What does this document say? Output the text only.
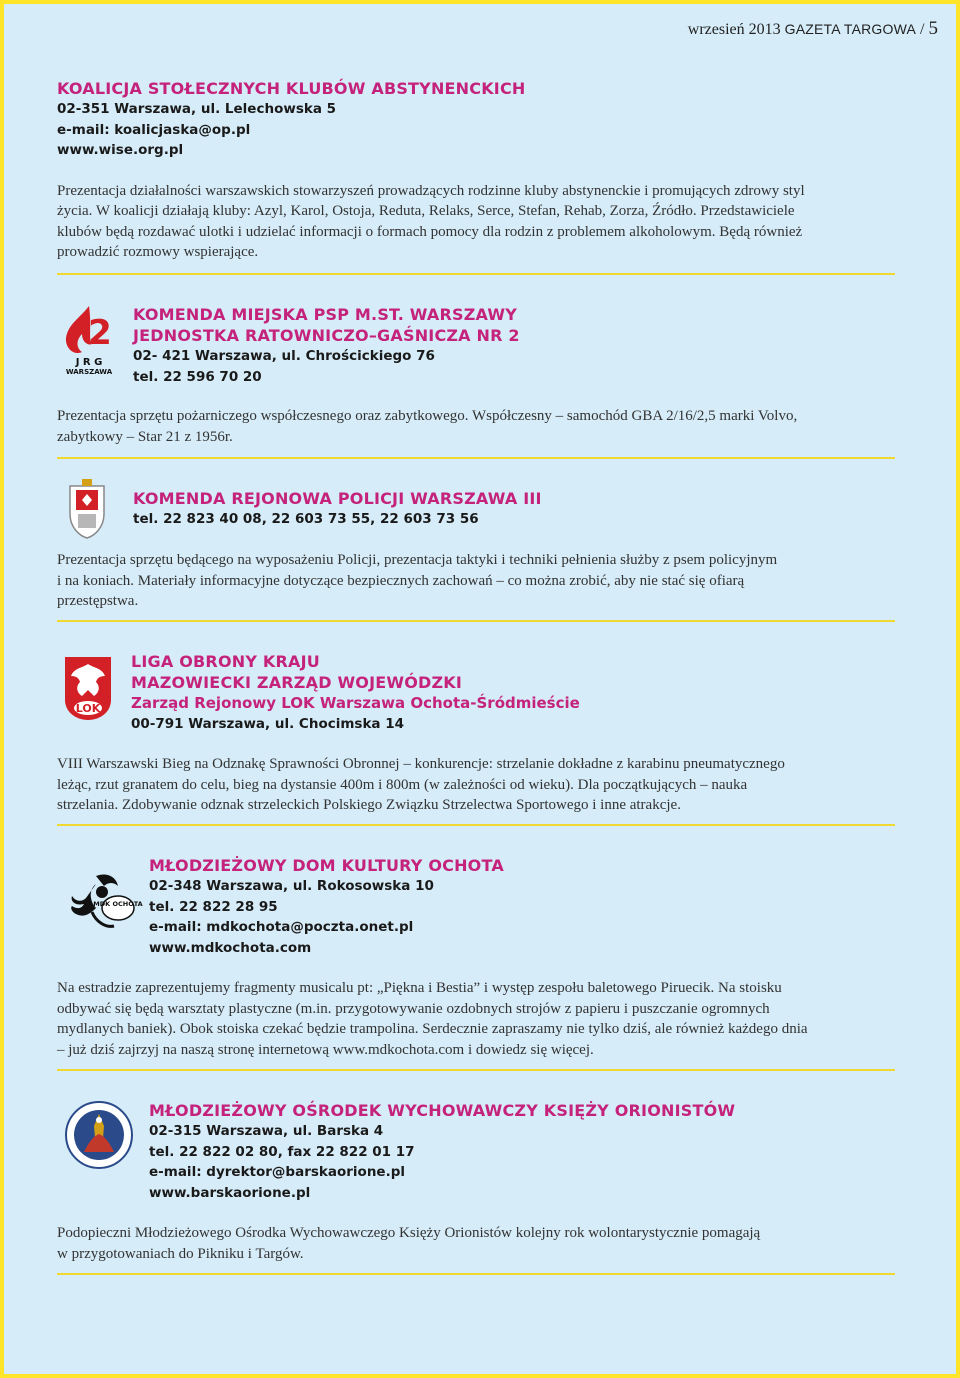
wrzesień 2013 GAZETA TARGOWA / 5

KOALICJA STOŁECZNYCH KLUBÓW ABSTYNENCKICH

02-351 Warszawa, ul. Lelechowska 5

e-mail: koalicjaska@op.pl

www.wise.org.pl

Prezentacja działalności warszawskich stowarzyszeń prowadzących rodzinne kluby abstynenckie i promujących zdrowy styl

życia. W koalicji działają kluby: Azyl, Karol, Ostoja, Reduta, Relaks, Serce, Stefan, Rehab, Zorza, Źródło. Przedstawiciele

klubów będą rozdawać ulotki i udzielać informacji o formach pomocy dla rodzin z problemem alkoholowym. Będą również

prowadzić rozmowy wspierające.

2
J R G
WARSZAWA

KOMENDA MIEJSKA PSP M.ST. WARSZAWY

JEDNOSTKA RATOWNICZO–GAŚNICZA NR 2

02- 421 Warszawa, ul. Chrościckiego 76

tel. 22 596 70 20

Prezentacja sprzętu pożarniczego współczesnego oraz zabytkowego. Współczesny – samochód GBA 2/16/2,5 marki Volvo,

zabytkowy – Star 21 z 1956r.

KOMENDA REJONOWA POLICJI WARSZAWA III

tel. 22 823 40 08, 22 603 73 55, 22 603 73 56

Prezentacja sprzętu będącego na wyposażeniu Policji, prezentacja taktyki i techniki pełnienia służby z psem policyjnym

i na koniach. Materiały informacyjne dotyczące bezpiecznych zachowań – co można zrobić, aby nie stać się ofiarą

przestępstwa.

LOK

LIGA OBRONY KRAJU

MAZOWIECKI ZARZĄD WOJEWÓDZKI

Zarząd Rejonowy LOK Warszawa Ochota-Śródmieście

00-791 Warszawa, ul. Chocimska 14

VIII Warszawski Bieg na Odznakę Sprawności Obronnej – konkurencje: strzelanie dokładne z karabinu pneumatycznego

leżąc, rzut granatem do celu, bieg na dystansie 400m i 800m (w zależności od wieku). Dla początkujących – nauka

strzelania. Zdobywanie odznak strzeleckich Polskiego Związku Strzelectwa Sportowego i inne atrakcje.

MDK OCHOTA

MŁODZIEŻOWY DOM KULTURY OCHOTA

02-348 Warszawa, ul. Rokosowska 10

tel. 22 822 28 95

e-mail: mdkochota@poczta.onet.pl

www.mdkochota.com

Na estradzie zaprezentujemy fragmenty musicalu pt: „Piękna i Bestia” i występ zespołu baletowego Piruecik. Na stoisku

odbywać się będą warsztaty plastyczne (m.in. przygotowywanie ozdobnych strojów z papieru i puszczanie ogromnych

mydlanych baniek). Obok stoiska czekać będzie trampolina. Serdecznie zapraszamy nie tylko dziś, ale również każdego dnia

– już dziś zajrzyj na naszą stronę internetową www.mdkochota.com i dowiedz się więcej.

MŁODZIEŻOWY OŚRODEK WYCHOWAWCZY KSIĘŻY ORIONISTÓW

02-315 Warszawa, ul. Barska 4

tel. 22 822 02 80, fax 22 822 01 17

e-mail: dyrektor@barskaorione.pl

www.barskaorione.pl

Podopieczni Młodzieżowego Ośrodka Wychowawczego Księży Orionistów kolejny rok wolontarystycznie pomagają

w przygotowaniach do Pikniku i Targów.
